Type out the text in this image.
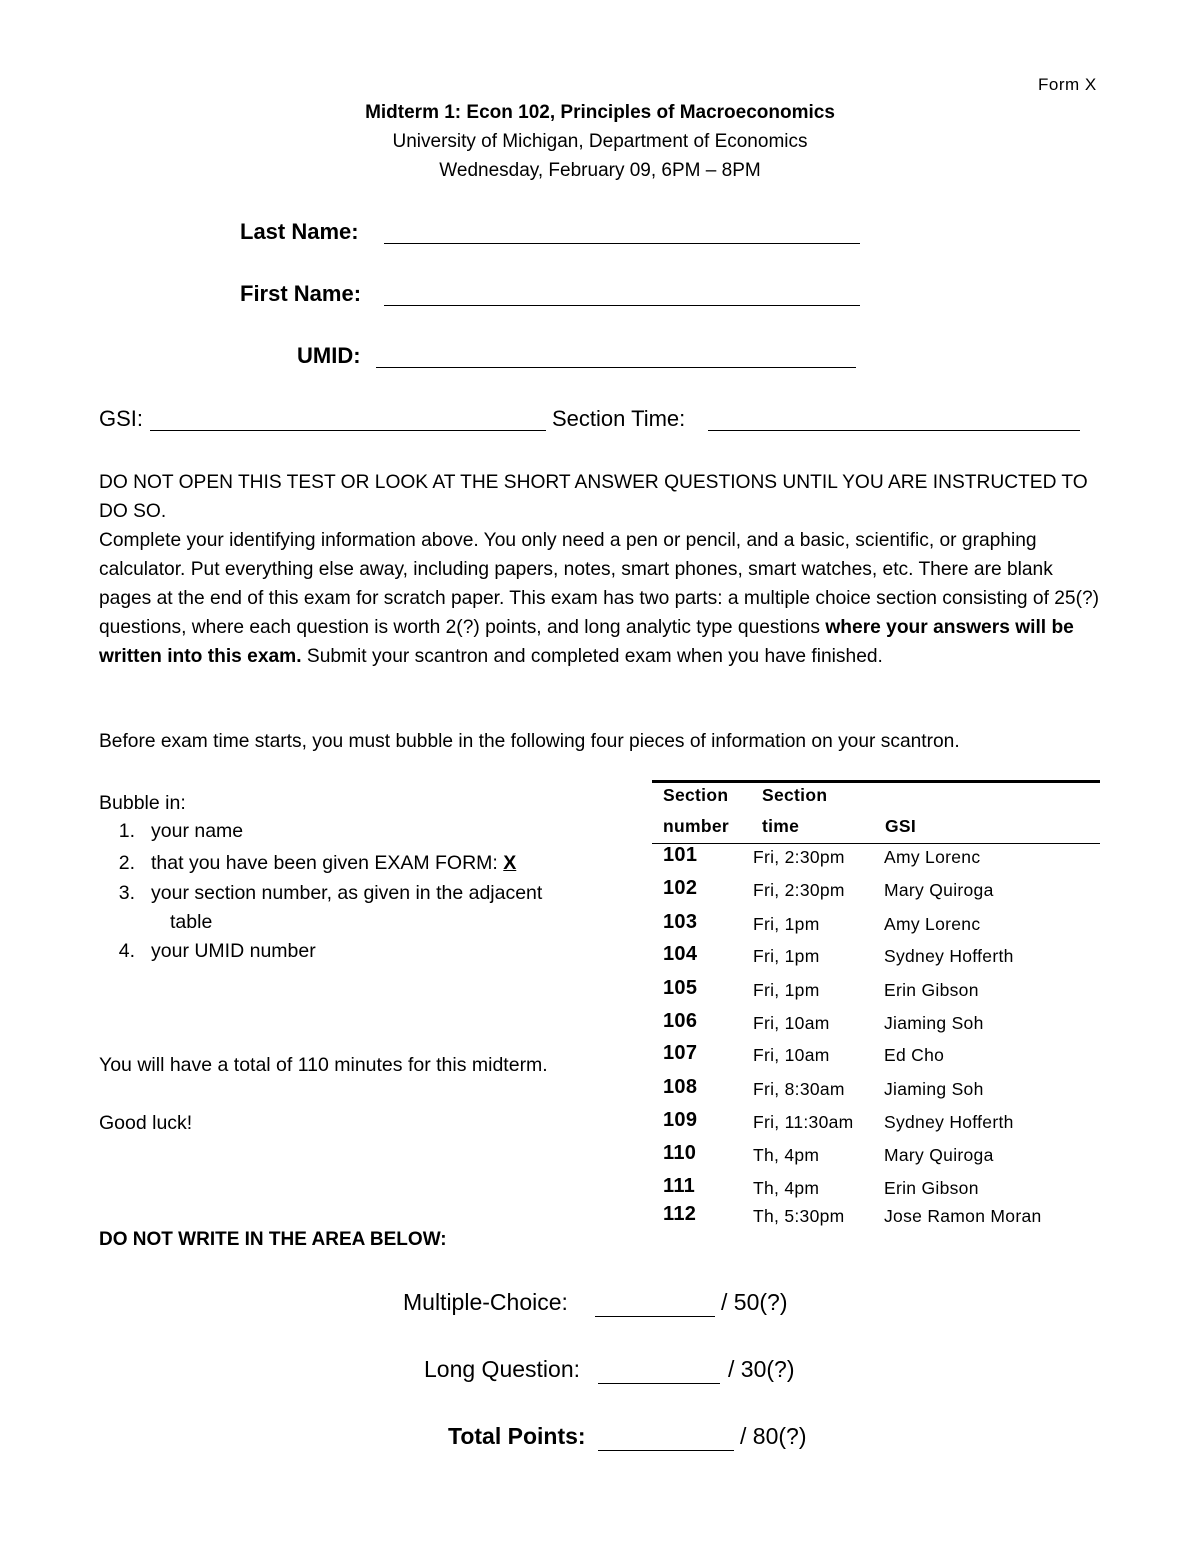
Form X
Midterm 1: Econ 102, Principles of Macroeconomics
University of Michigan, Department of Economics
Wednesday, February 09, 6PM – 8PM
Last Name:
First Name:
UMID:
GSI:	Section Time:
DO NOT OPEN THIS TEST OR LOOK AT THE SHORT ANSWER QUESTIONS UNTIL YOU ARE INSTRUCTED TO DO SO.
Complete your identifying information above. You only need a pen or pencil, and a basic, scientific, or graphing calculator. Put everything else away, including papers, notes, smart phones, smart watches, etc. There are blank pages at the end of this exam for scratch paper. This exam has two parts: a multiple choice section consisting of 25(?) questions, where each question is worth 2(?) points, and long analytic type questions where your answers will be written into this exam. Submit your scantron and completed exam when you have finished.
Before exam time starts, you must bubble in the following four pieces of information on your scantron.
Bubble in:
1. your name
2. that you have been given EXAM FORM: X
3. your section number, as given in the adjacent
table
4. your UMID number
You will have a total of 110 minutes for this midterm.
Good luck!
DO NOT WRITE IN THE AREA BELOW:
Section
number
Section
time	GSI
101	Fri, 2:30pm Amy Lorenc
102	Fri, 2:30pm Mary Quiroga
103	Fri, 1pm	Amy Lorenc
104	Fri, 1pm	Sydney Hofferth
105	Fri, 1pm	Erin Gibson
106	Fri, 10am	Jiaming Soh
107	Fri, 10am	Ed Cho
108	Fri, 8:30am Jiaming Soh
109	Fri, 11:30am Sydney Hofferth
110	Th, 4pm	Mary Quiroga
111	Th, 4pm	Erin Gibson
112	Th, 5:30pm Jose Ramon Moran
Multiple-Choice:	/ 50(?)
Long Question:	/ 30(?)
Total Points:	/ 80(?)
